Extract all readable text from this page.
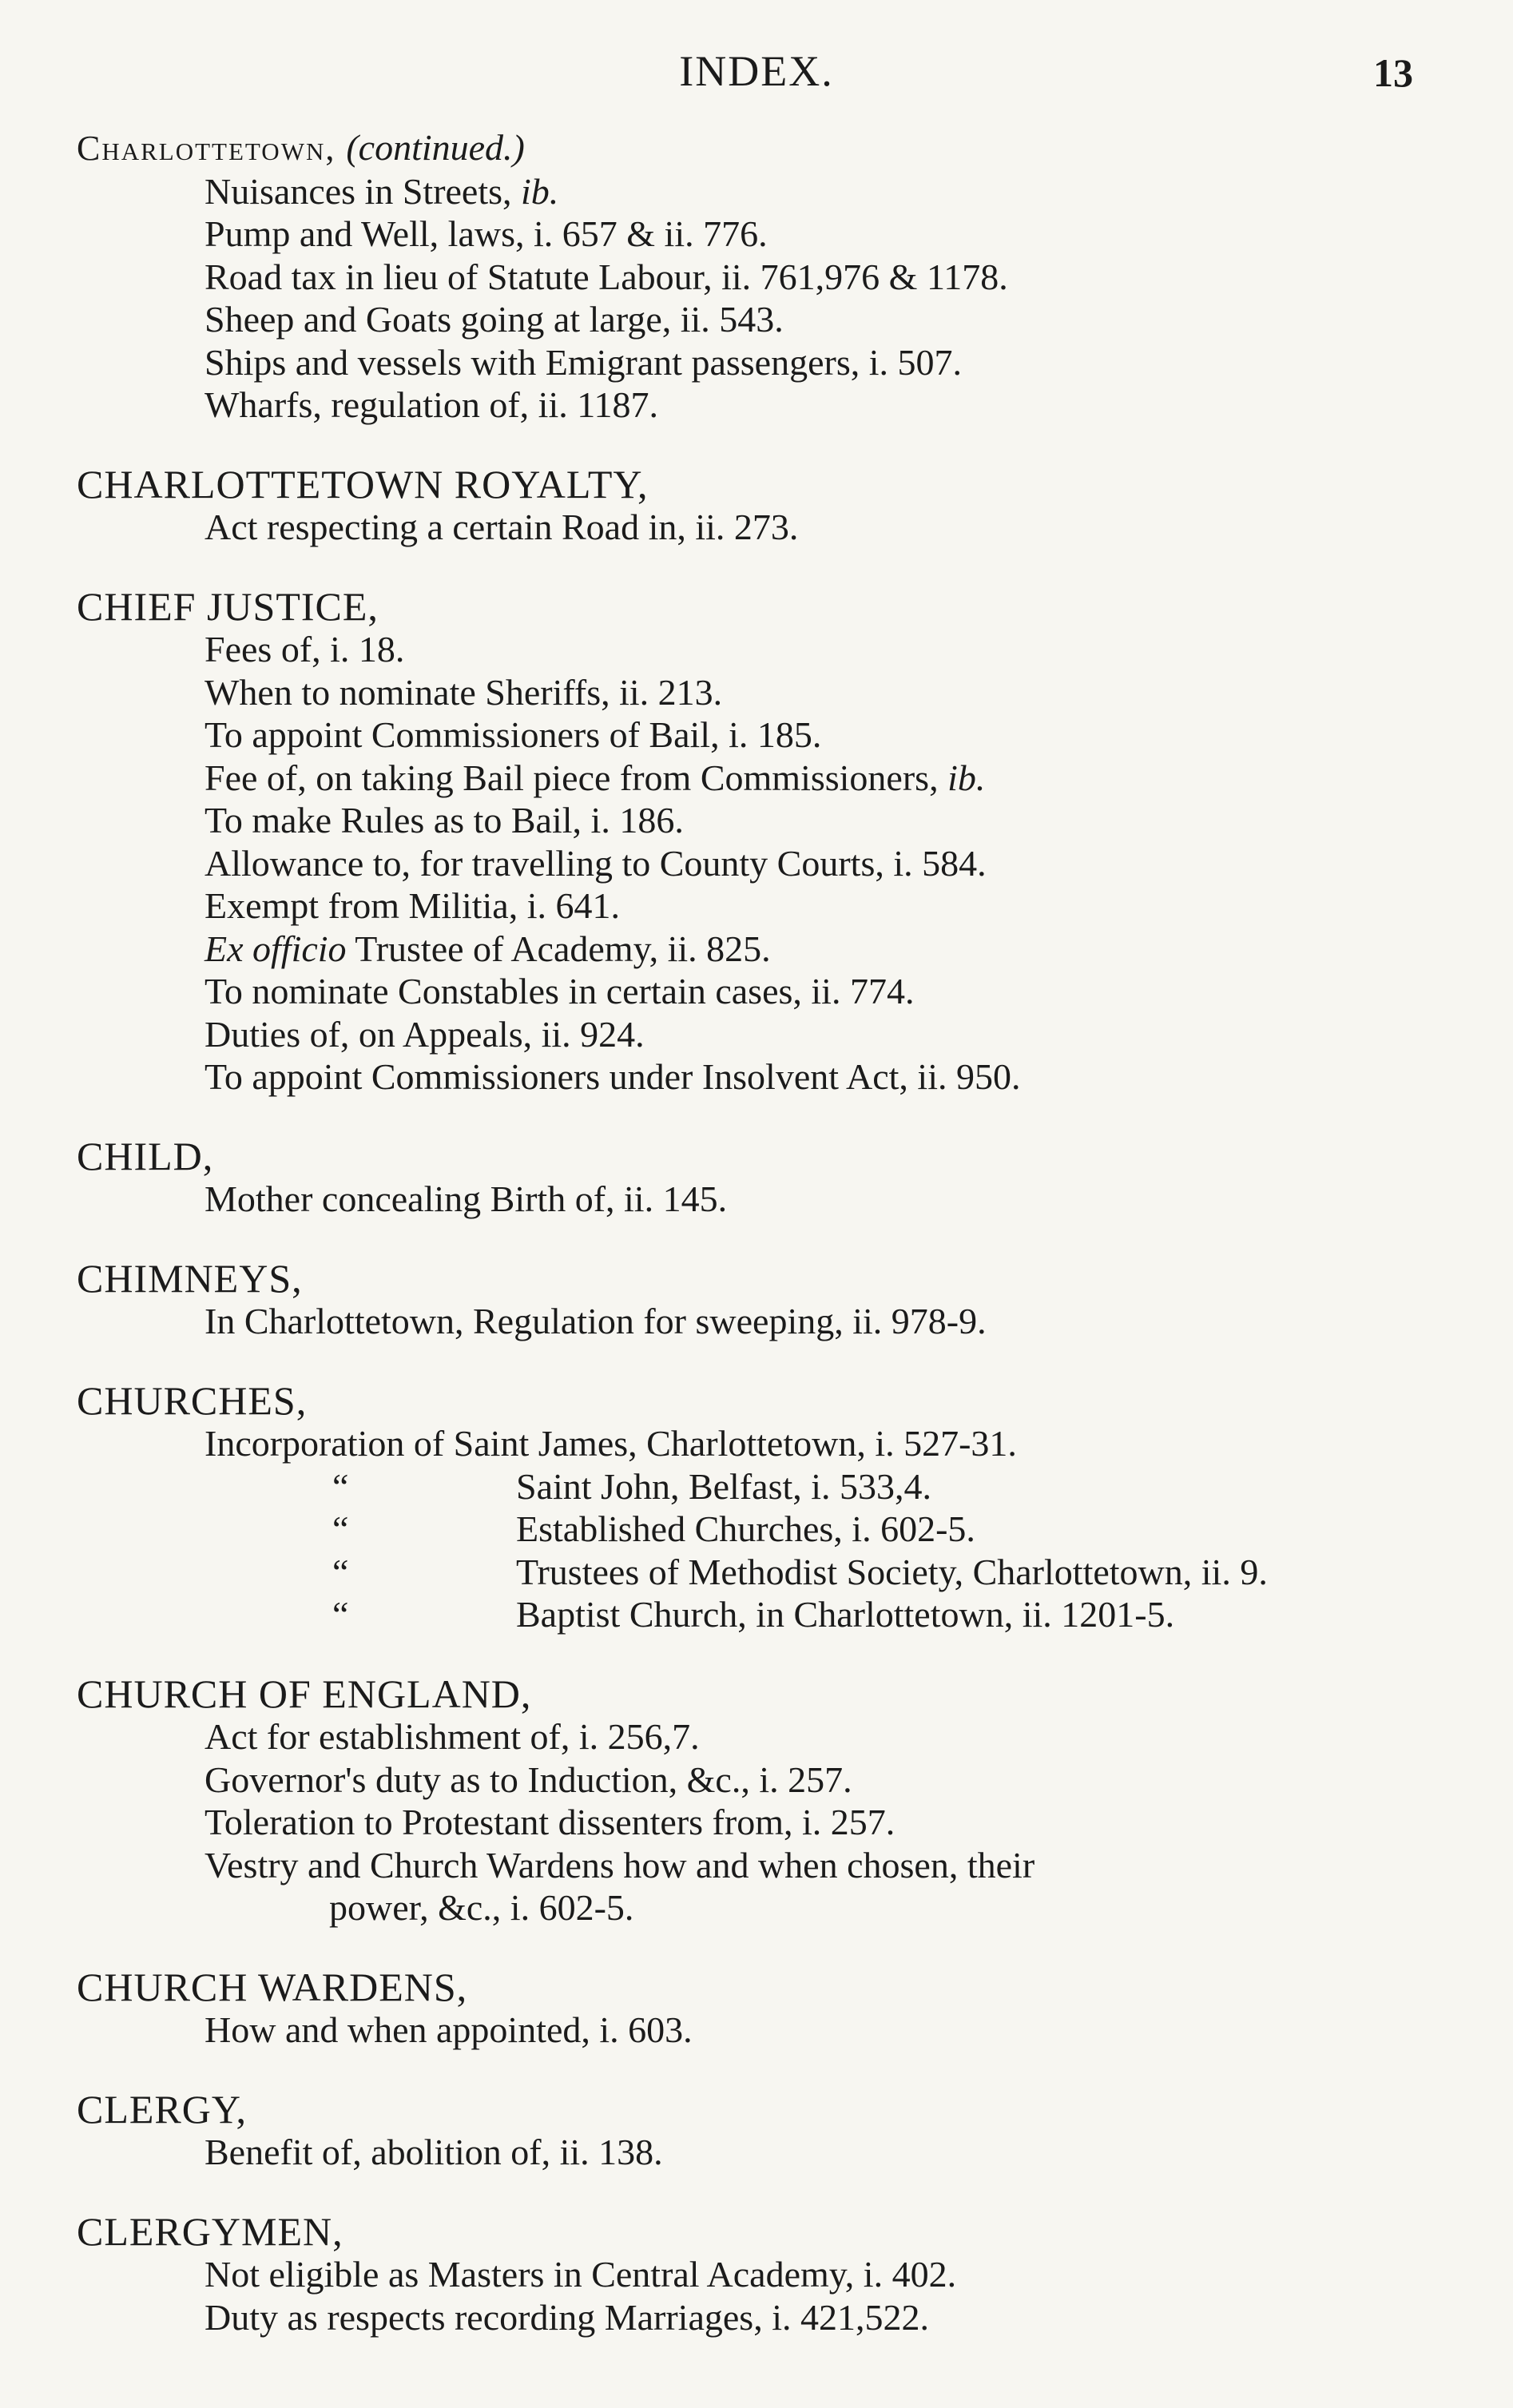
INDEX.	13
Charlottetown, (continued.)
Nuisances in Streets, ib.
Pump and Well, laws, i. 657 & ii. 776.
Road tax in lieu of Statute Labour, ii. 761,976 & 1178.
Sheep and Goats going at large, ii. 543.
Ships and vessels with Emigrant passengers, i. 507.
Wharfs, regulation of, ii. 1187.
CHARLOTTETOWN ROYALTY,
Act respecting a certain Road in, ii. 273.
CHIEF JUSTICE,
Fees of, i. 18.
When to nominate Sheriffs, ii. 213.
To appoint Commissioners of Bail, i. 185.
Fee of, on taking Bail piece from Commissioners, ib.
To make Rules as to Bail, i. 186.
Allowance to, for travelling to County Courts, i. 584.
Exempt from Militia, i. 641.
Ex officio Trustee of Academy, ii. 825.
To nominate Constables in certain cases, ii. 774.
Duties of, on Appeals, ii. 924.
To appoint Commissioners under Insolvent Act, ii. 950.
CHILD,
Mother concealing Birth of, ii. 145.
CHIMNEYS,
In Charlottetown, Regulation for sweeping, ii. 978-9.
CHURCHES,
Incorporation of Saint James, Charlottetown, i. 527-31.
“	Saint John, Belfast, i. 533,4.
“	Established Churches, i. 602-5.
“	Trustees of Methodist Society, Charlottetown, ii. 9.
“	Baptist Church, in Charlottetown, ii. 1201-5.
CHURCH OF ENGLAND,
Act for establishment of, i. 256,7.
Governor's duty as to Induction, &c., i. 257.
Toleration to Protestant dissenters from, i. 257.
Vestry and Church Wardens how and when chosen, their
power, &c., i. 602-5.
CHURCH WARDENS,
How and when appointed, i. 603.
CLERGY,
Benefit of, abolition of, ii. 138.
CLERGYMEN,
Not eligible as Masters in Central Academy, i. 402.
Duty as respects recording Marriages, i. 421,522.
